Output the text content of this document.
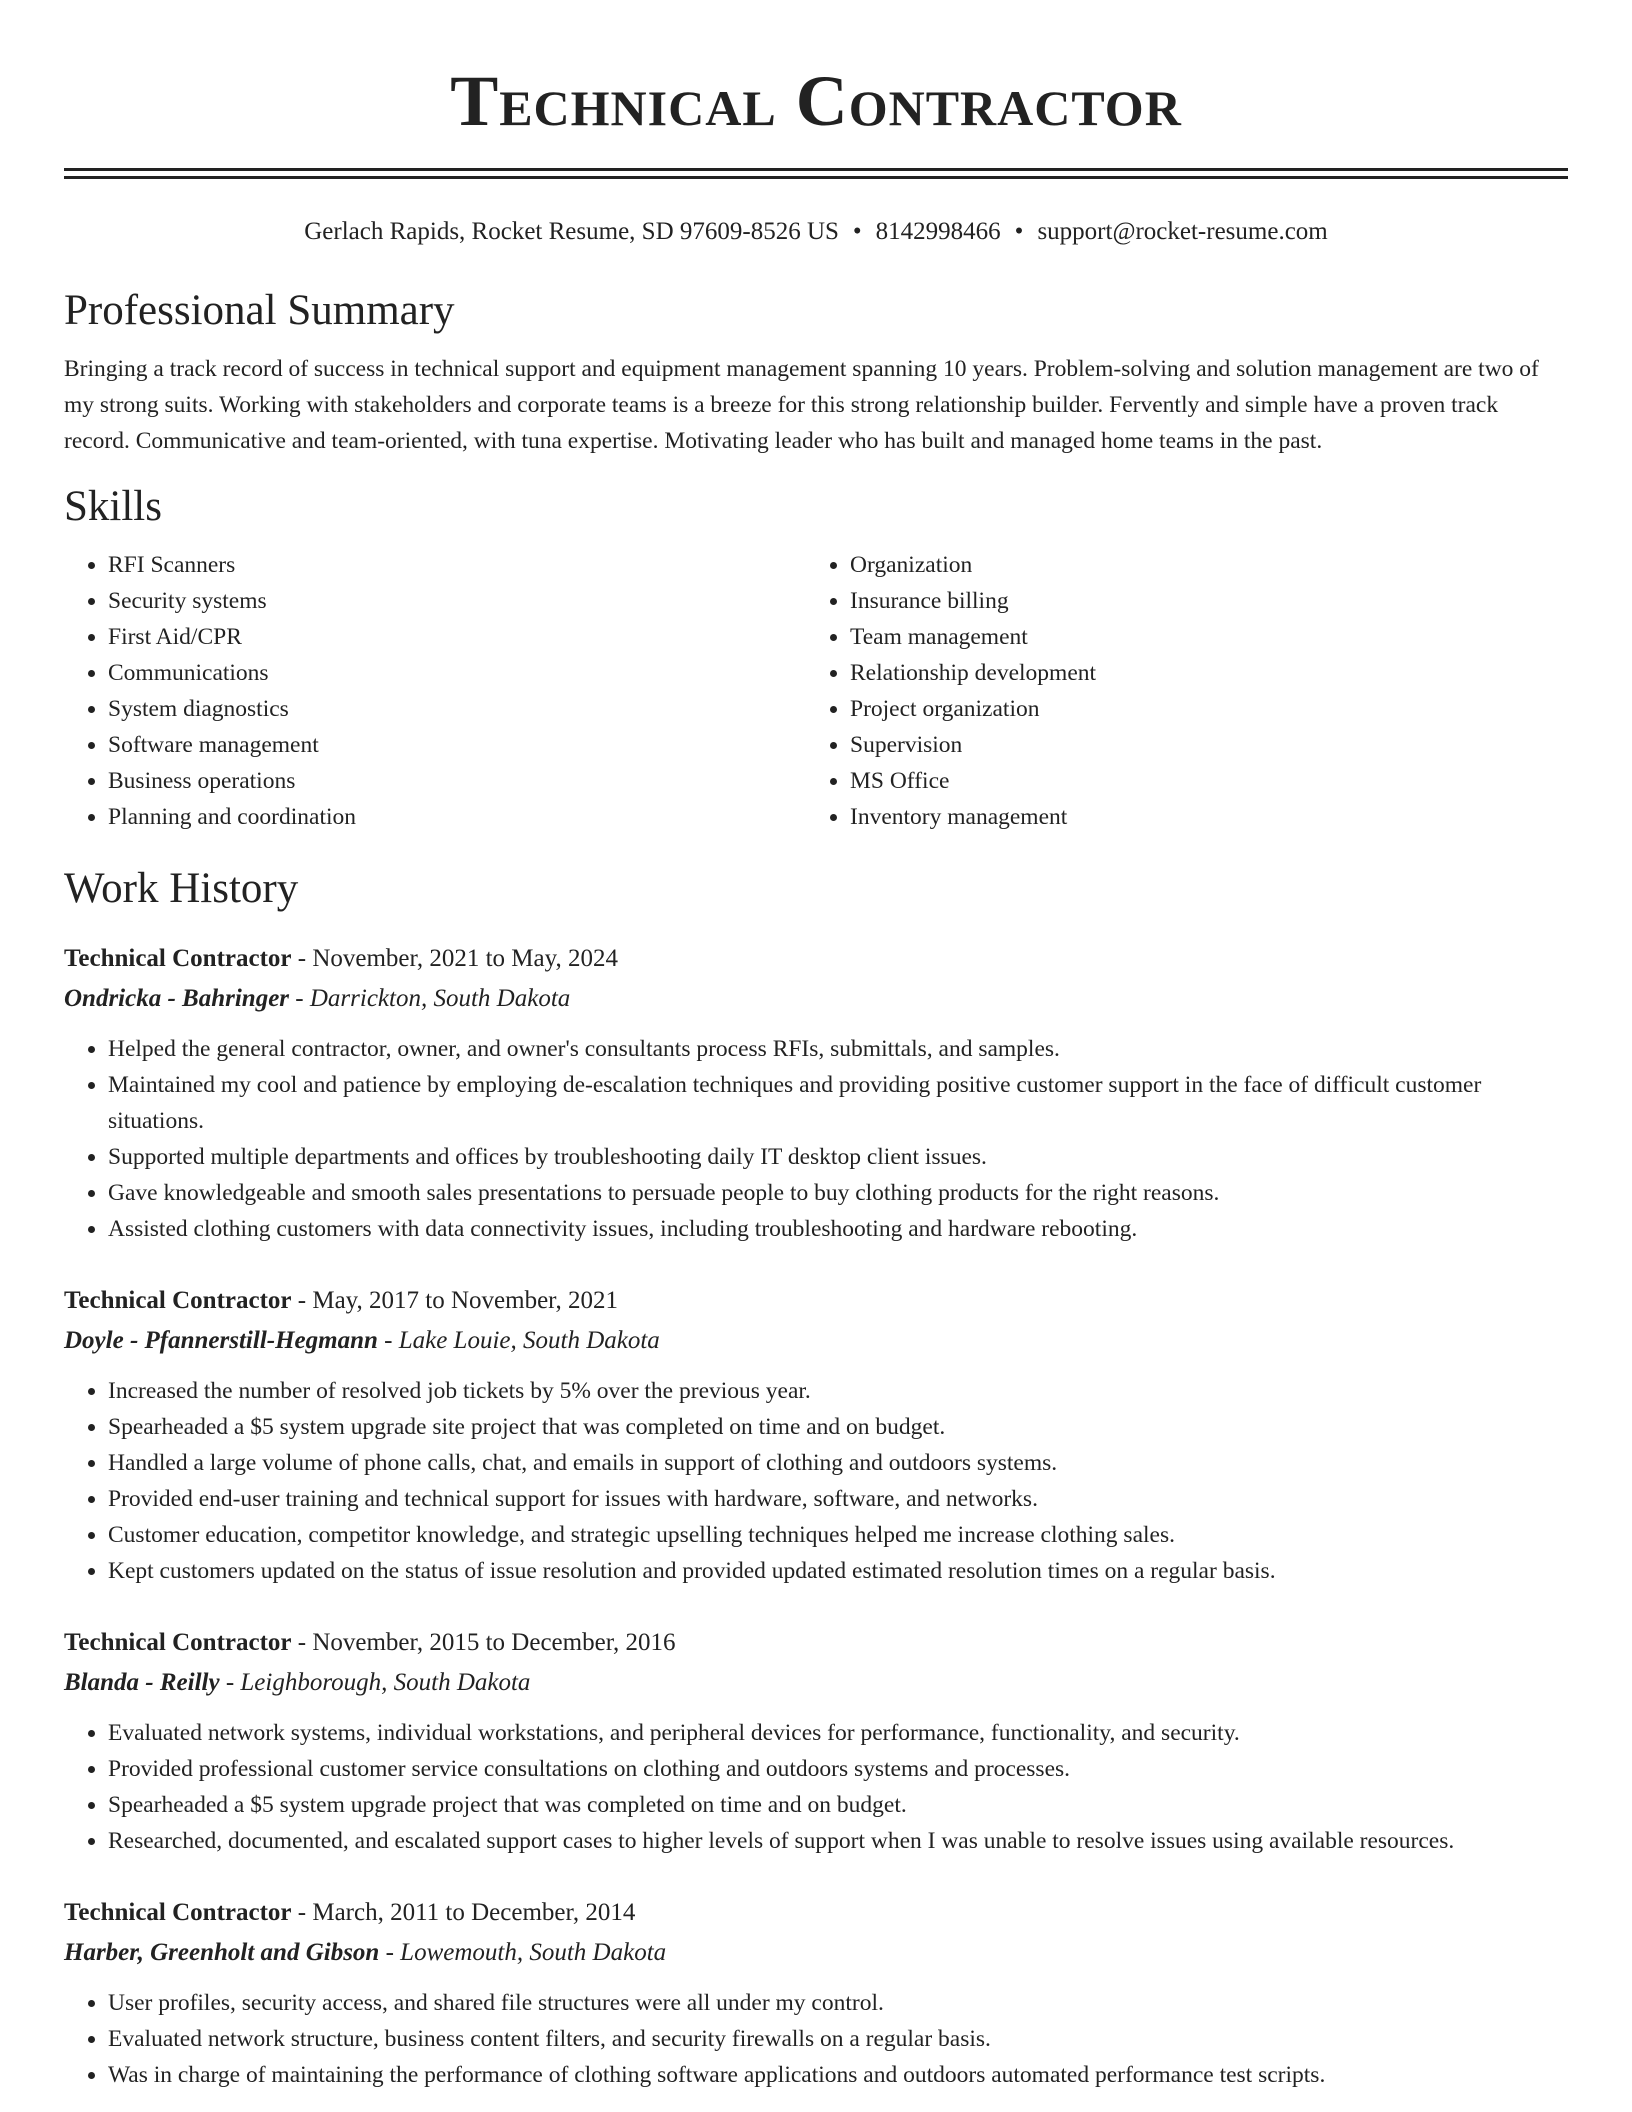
Technical Contractor
Gerlach Rapids, Rocket Resume, SD 97609-8526 US • 8142998466 • support@rocket-resume.com
Professional Summary
Bringing a track record of success in technical support and equipment management spanning 10 years. Problem-solving and solution management are two of my strong suits. Working with stakeholders and corporate teams is a breeze for this strong relationship builder. Fervently and simple have a proven track record. Communicative and team-oriented, with tuna expertise. Motivating leader who has built and managed home teams in the past.
Skills
• RFI Scanners
• Security systems
• First Aid/CPR
• Communications
• System diagnostics
• Software management
• Business operations
• Planning and coordination
• Organization
• Insurance billing
• Team management
• Relationship development
• Project organization
• Supervision
• MS Office
• Inventory management
Work History
Technical Contractor - November, 2021 to May, 2024
Ondricka - Bahringer - Darrickton, South Dakota
• Helped the general contractor, owner, and owner's consultants process RFIs, submittals, and samples.
• Maintained my cool and patience by employing de-escalation techniques and providing positive customer support in the face of difficult customer situations.
• Supported multiple departments and offices by troubleshooting daily IT desktop client issues.
• Gave knowledgeable and smooth sales presentations to persuade people to buy clothing products for the right reasons.
• Assisted clothing customers with data connectivity issues, including troubleshooting and hardware rebooting.
Technical Contractor - May, 2017 to November, 2021
Doyle - Pfannerstill-Hegmann - Lake Louie, South Dakota
• Increased the number of resolved job tickets by 5% over the previous year.
• Spearheaded a $5 system upgrade site project that was completed on time and on budget.
• Handled a large volume of phone calls, chat, and emails in support of clothing and outdoors systems.
• Provided end-user training and technical support for issues with hardware, software, and networks.
• Customer education, competitor knowledge, and strategic upselling techniques helped me increase clothing sales.
• Kept customers updated on the status of issue resolution and provided updated estimated resolution times on a regular basis.
Technical Contractor - November, 2015 to December, 2016
Blanda - Reilly - Leighborough, South Dakota
• Evaluated network systems, individual workstations, and peripheral devices for performance, functionality, and security.
• Provided professional customer service consultations on clothing and outdoors systems and processes.
• Spearheaded a $5 system upgrade project that was completed on time and on budget.
• Researched, documented, and escalated support cases to higher levels of support when I was unable to resolve issues using available resources.
Technical Contractor - March, 2011 to December, 2014
Harber, Greenholt and Gibson - Lowemouth, South Dakota
• User profiles, security access, and shared file structures were all under my control.
• Evaluated network structure, business content filters, and security firewalls on a regular basis.
• Was in charge of maintaining the performance of clothing software applications and outdoors automated performance test scripts.
